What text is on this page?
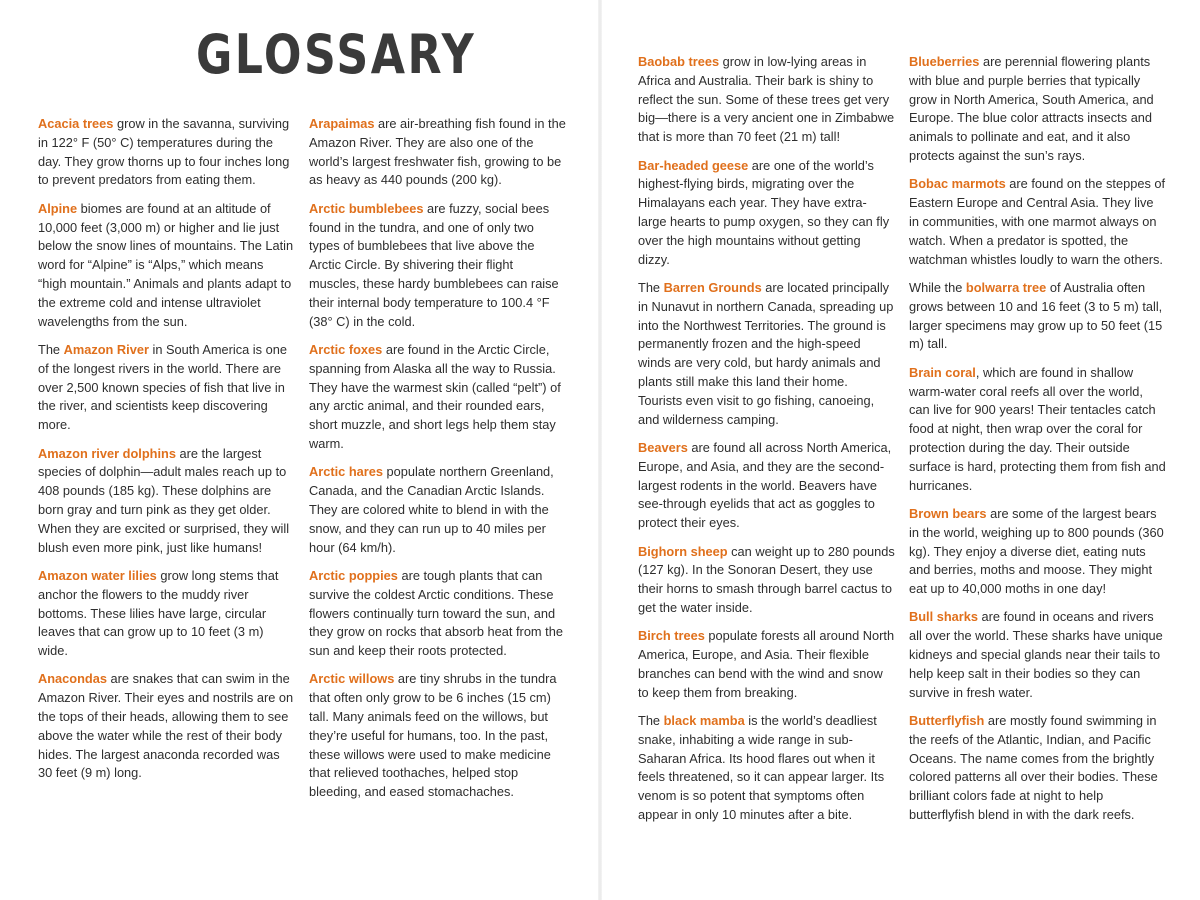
GLOSSARY

Acacia trees grow in the savanna, surviving in 122° F (50° C) temperatures during the day. They grow thorns up to four inches long to prevent predators from eating them.

Alpine biomes are found at an altitude of 10,000 feet (3,000 m) or higher and lie just below the snow lines of mountains. The Latin word for “Alpine” is “Alps,” which means “high mountain.” Animals and plants adapt to the extreme cold and intense ultraviolet wavelengths from the sun.

The Amazon River in South America is one of the longest rivers in the world. There are over 2,500 known species of fish that live in the river, and scientists keep discovering more.

Amazon river dolphins are the largest species of dolphin—adult males reach up to 408 pounds (185 kg). These dolphins are born gray and turn pink as they get older. When they are excited or surprised, they will blush even more pink, just like humans!

Amazon water lilies grow long stems that anchor the flowers to the muddy river bottoms. These lilies have large, circular leaves that can grow up to 10 feet (3 m) wide.

Anacondas are snakes that can swim in the Amazon River. Their eyes and nostrils are on the tops of their heads, allowing them to see above the water while the rest of their body hides. The largest anaconda recorded was 30 feet (9 m) long.

Arapaimas are air-breathing fish found in the Amazon River. They are also one of the world’s largest freshwater fish, growing to be as heavy as 440 pounds (200 kg).

Arctic bumblebees are fuzzy, social bees found in the tundra, and one of only two types of bumblebees that live above the Arctic Circle. By shivering their flight muscles, these hardy bumblebees can raise their internal body temperature to 100.4 °F (38° C) in the cold.

Arctic foxes are found in the Arctic Circle, spanning from Alaska all the way to Russia. They have the warmest skin (called “pelt”) of any arctic animal, and their rounded ears, short muzzle, and short legs help them stay warm.

Arctic hares populate northern Greenland, Canada, and the Canadian Arctic Islands. They are colored white to blend in with the snow, and they can run up to 40 miles per hour (64 km/h).

Arctic poppies are tough plants that can survive the coldest Arctic conditions. These flowers continually turn toward the sun, and they grow on rocks that absorb heat from the sun and keep their roots protected.

Arctic willows are tiny shrubs in the tundra that often only grow to be 6 inches (15 cm) tall. Many animals feed on the willows, but they’re useful for humans, too. In the past, these willows were used to make medicine that relieved toothaches, helped stop bleeding, and eased stomachaches.

Baobab trees grow in low-lying areas in Africa and Australia. Their bark is shiny to reflect the sun. Some of these trees get very big—there is a very ancient one in Zimbabwe that is more than 70 feet (21 m) tall!

Bar-headed geese are one of the world’s highest-flying birds, migrating over the Himalayans each year. They have extra-large hearts to pump oxygen, so they can fly over the high mountains without getting dizzy.

The Barren Grounds are located principally in Nunavut in northern Canada, spreading up into the Northwest Territories. The ground is permanently frozen and the high-speed winds are very cold, but hardy animals and plants still make this land their home. Tourists even visit to go fishing, canoeing, and wilderness camping.

Beavers are found all across North America, Europe, and Asia, and they are the second-largest rodents in the world. Beavers have see-through eyelids that act as goggles to protect their eyes.

Bighorn sheep can weight up to 280 pounds (127 kg). In the Sonoran Desert, they use their horns to smash through barrel cactus to get the water inside.

Birch trees populate forests all around North America, Europe, and Asia. Their flexible branches can bend with the wind and snow to keep them from breaking.

The black mamba is the world’s deadliest snake, inhabiting a wide range in sub-Saharan Africa. Its hood flares out when it feels threatened, so it can appear larger. Its venom is so potent that symptoms often appear in only 10 minutes after a bite.

Blueberries are perennial flowering plants with blue and purple berries that typically grow in North America, South America, and Europe. The blue color attracts insects and animals to pollinate and eat, and it also protects against the sun’s rays.

Bobac marmots are found on the steppes of Eastern Europe and Central Asia. They live in communities, with one marmot always on watch. When a predator is spotted, the watchman whistles loudly to warn the others.

While the bolwarra tree of Australia often grows between 10 and 16 feet (3 to 5 m) tall, larger specimens may grow up to 50 feet (15 m) tall.

Brain coral, which are found in shallow warm-water coral reefs all over the world, can live for 900 years! Their tentacles catch food at night, then wrap over the coral for protection during the day. Their outside surface is hard, protecting them from fish and hurricanes.

Brown bears are some of the largest bears in the world, weighing up to 800 pounds (360 kg). They enjoy a diverse diet, eating nuts and berries, moths and moose. They might eat up to 40,000 moths in one day!

Bull sharks are found in oceans and rivers all over the world. These sharks have unique kidneys and special glands near their tails to help keep salt in their bodies so they can survive in fresh water.

Butterflyfish are mostly found swimming in the reefs of the Atlantic, Indian, and Pacific Oceans. The name comes from the brightly colored patterns all over their bodies. These brilliant colors fade at night to help butterflyfish blend in with the dark reefs.
